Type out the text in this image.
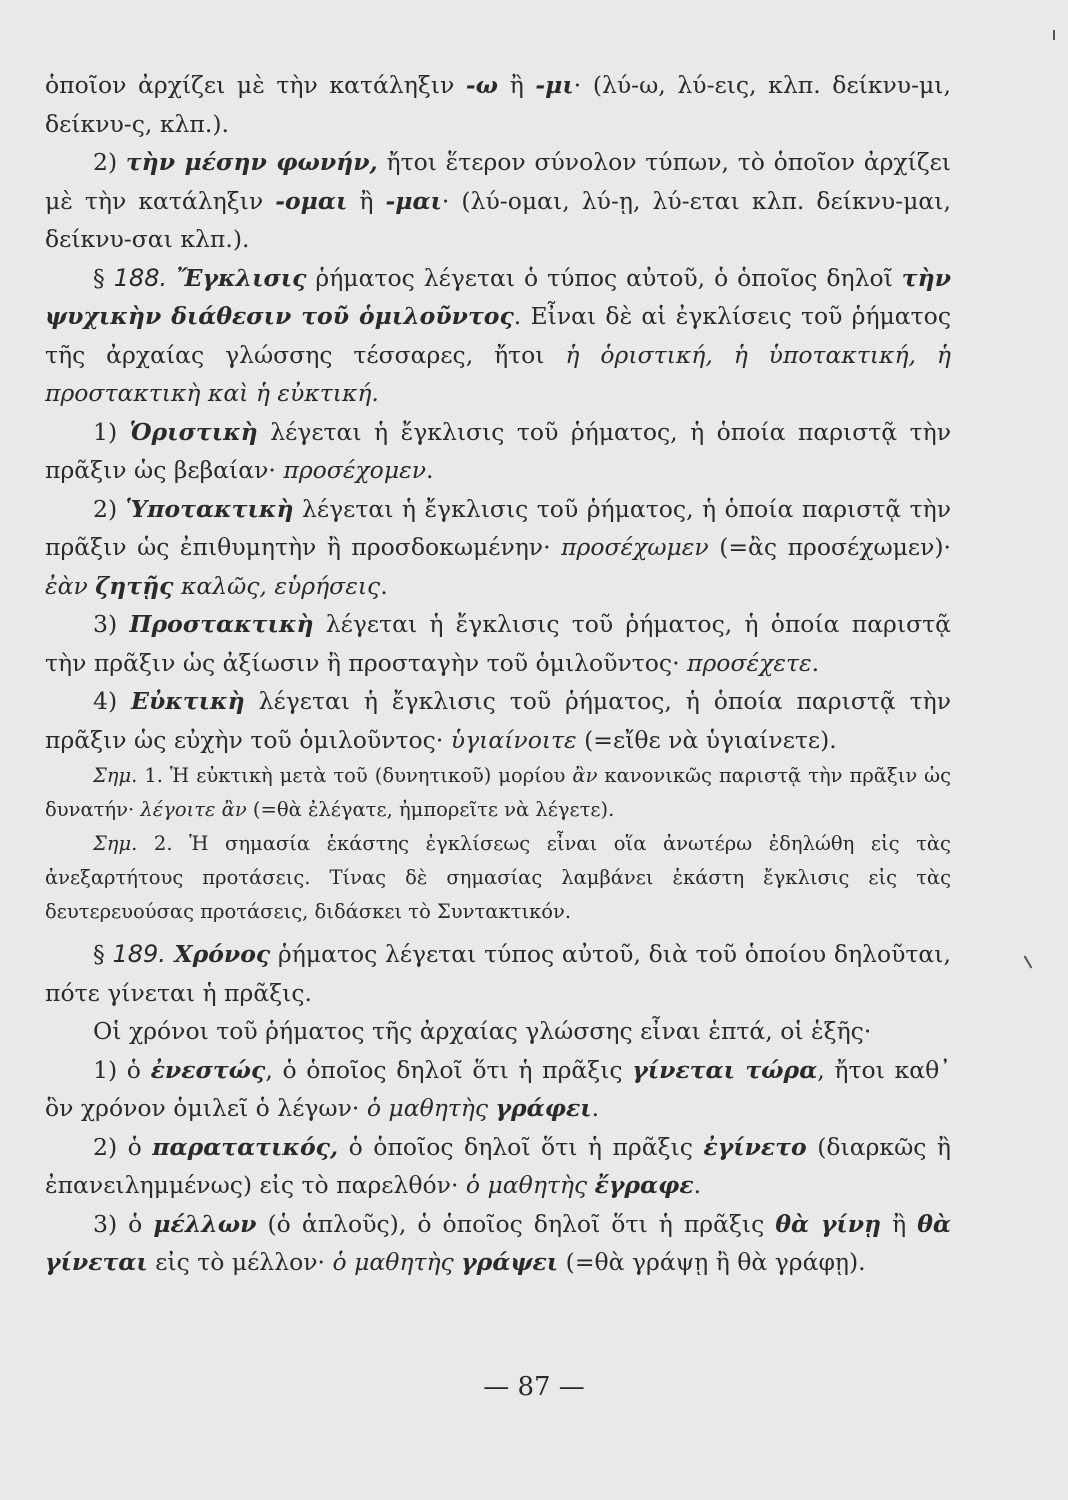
ὁποῖον ἀρχίζει μὲ τὴν κατάληξιν -ω ἢ -μι· (λύ-ω, λύ-εις, κλπ. δείκνυ-μι, δείκνυ-ς, κλπ.).

2) τὴν μέσην φωνήν, ἤτοι ἕτερον σύνολον τύπων, τὸ ὁποῖον ἀρχίζει μὲ τὴν κατάληξιν -ομαι ἢ -μαι· (λύ-ομαι, λύ-ῃ, λύ-εται κλπ. δείκνυ-μαι, δείκνυ-σαι κλπ.).

§ 188. Ἔγκλισις ῥήματος λέγεται ὁ τύπος αὐτοῦ, ὁ ὁποῖος δηλοῖ τὴν ψυχικὴν διάθεσιν τοῦ ὁμιλοῦντος. Εἶναι δὲ αἱ ἐγκλίσεις τοῦ ῥήματος τῆς ἀρχαίας γλώσσης τέσσαρες, ἤτοι ἡ ὁριστική, ἡ ὑποτακτική, ἡ προστακτικὴ καὶ ἡ εὐκτική.

1) Ὁριστικὴ λέγεται ἡ ἔγκλισις τοῦ ῥήματος, ἡ ὁποία παριστᾷ τὴν πρᾶξιν ὡς βεβαίαν· προσέχομεν.

2) Ὑποτακτικὴ λέγεται ἡ ἔγκλισις τοῦ ῥήματος, ἡ ὁποία παριστᾷ τὴν πρᾶξιν ὡς ἐπιθυμητὴν ἢ προσδοκωμένην· προσέχωμεν (=ἂς προσέχωμεν)· ἐὰν ζητῇς καλῶς, εὑρήσεις.

3) Προστακτικὴ λέγεται ἡ ἔγκλισις τοῦ ῥήματος, ἡ ὁποία παριστᾷ τὴν πρᾶξιν ὡς ἀξίωσιν ἢ προσταγὴν τοῦ ὁμιλοῦντος· προσέχετε.

4) Εὐκτικὴ λέγεται ἡ ἔγκλισις τοῦ ῥήματος, ἡ ὁποία παριστᾷ τὴν πρᾶξιν ὡς εὐχὴν τοῦ ὁμιλοῦντος· ὑγιαίνοιτε (=εἴθε νὰ ὑγιαίνετε).

Σημ. 1. Ἡ εὐκτικὴ μετὰ τοῦ (δυνητικοῦ) μορίου ἂν κανονικῶς παριστᾷ τὴν πρᾶξιν ὡς δυνατήν· λέγοιτε ἂν (=θὰ ἐλέγατε, ἠμπορεῖτε νὰ λέγετε).

Σημ. 2. Ἡ σημασία ἑκάστης ἐγκλίσεως εἶναι οἵα ἀνωτέρω ἐδηλώθη εἰς τὰς ἀνεξαρτήτους προτάσεις. Τίνας δὲ σημασίας λαμβάνει ἑκάστη ἔγκλισις εἰς τὰς δευτερευούσας προτάσεις, διδάσκει τὸ Συντακτικόν.

§ 189. Χρόνος ῥήματος λέγεται τύπος αὐτοῦ, διὰ τοῦ ὁποίου δηλοῦται, πότε γίνεται ἡ πρᾶξις.

Οἱ χρόνοι τοῦ ῥήματος τῆς ἀρχαίας γλώσσης εἶναι ἑπτά, οἱ ἑξῆς·

1) ὁ ἐνεστώς, ὁ ὁποῖος δηλοῖ ὅτι ἡ πρᾶξις γίνεται τώρα, ἤτοι καθ᾽ ὃν χρόνον ὁμιλεῖ ὁ λέγων· ὁ μαθητὴς γράφει.

2) ὁ παρατατικός, ὁ ὁποῖος δηλοῖ ὅτι ἡ πρᾶξις ἐγίνετο (διαρκῶς ἢ ἐπανειλημμένως) εἰς τὸ παρελθόν· ὁ μαθητὴς ἔγραφε.

3) ὁ μέλλων (ὁ ἁπλοῦς), ὁ ὁποῖος δηλοῖ ὅτι ἡ πρᾶξις θὰ γίνῃ ἢ θὰ γίνεται εἰς τὸ μέλλον· ὁ μαθητὴς γράψει (=θὰ γράψῃ ἢ θὰ γράφῃ).

— 87 —
